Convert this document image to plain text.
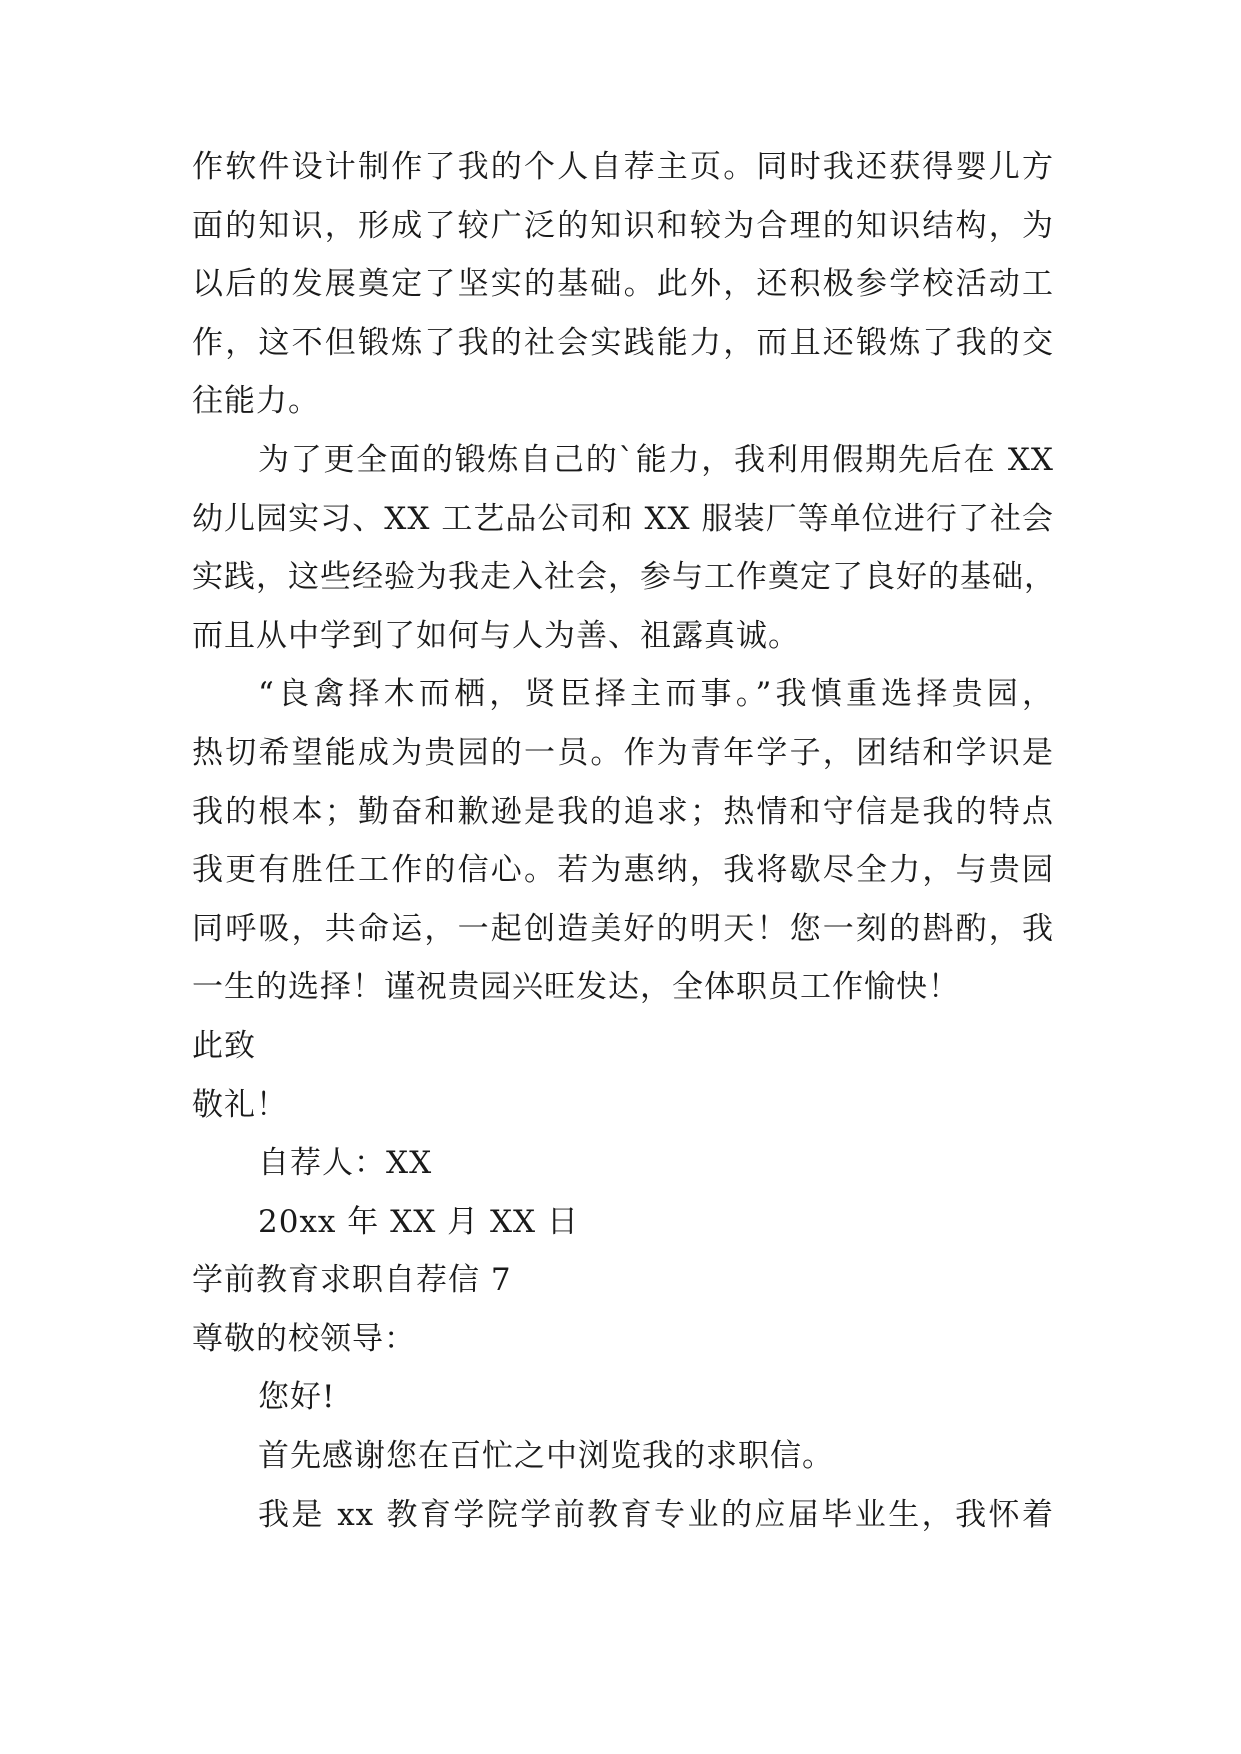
作软件设计制作了我的个人自荐主页。同时我还获得婴儿方
面的知识，形成了较广泛的知识和较为合理的知识结构，为
以后的发展奠定了坚实的基础。此外，还积极参学校活动工
作，这不但锻炼了我的社会实践能力，而且还锻炼了我的交
往能力。
为了更全面的锻炼自己的`能力，我利用假期先后在 XX
幼儿园实习、XX 工艺品公司和 XX 服装厂等单位进行了社会
实践，这些经验为我走入社会，参与工作奠定了良好的基础，
而且从中学到了如何与人为善、祖露真诚。
“良禽择木而栖，贤臣择主而事。”我慎重选择贵园，
热切希望能成为贵园的一员。作为青年学子，团结和学识是
我的根本；勤奋和歉逊是我的追求；热情和守信是我的特点
我更有胜任工作的信心。若为惠纳，我将歇尽全力，与贵园
同呼吸，共命运，一起创造美好的明天！您一刻的斟酌，我
一生的选择！谨祝贵园兴旺发达，全体职员工作愉快！
此致
敬礼！
自荐人：XX
20xx 年 XX 月 XX 日
学前教育求职自荐信 7
尊敬的校领导：
您好!
首先感谢您在百忙之中浏览我的求职信。
我是 xx 教育学院学前教育专业的应届毕业生，我怀着
